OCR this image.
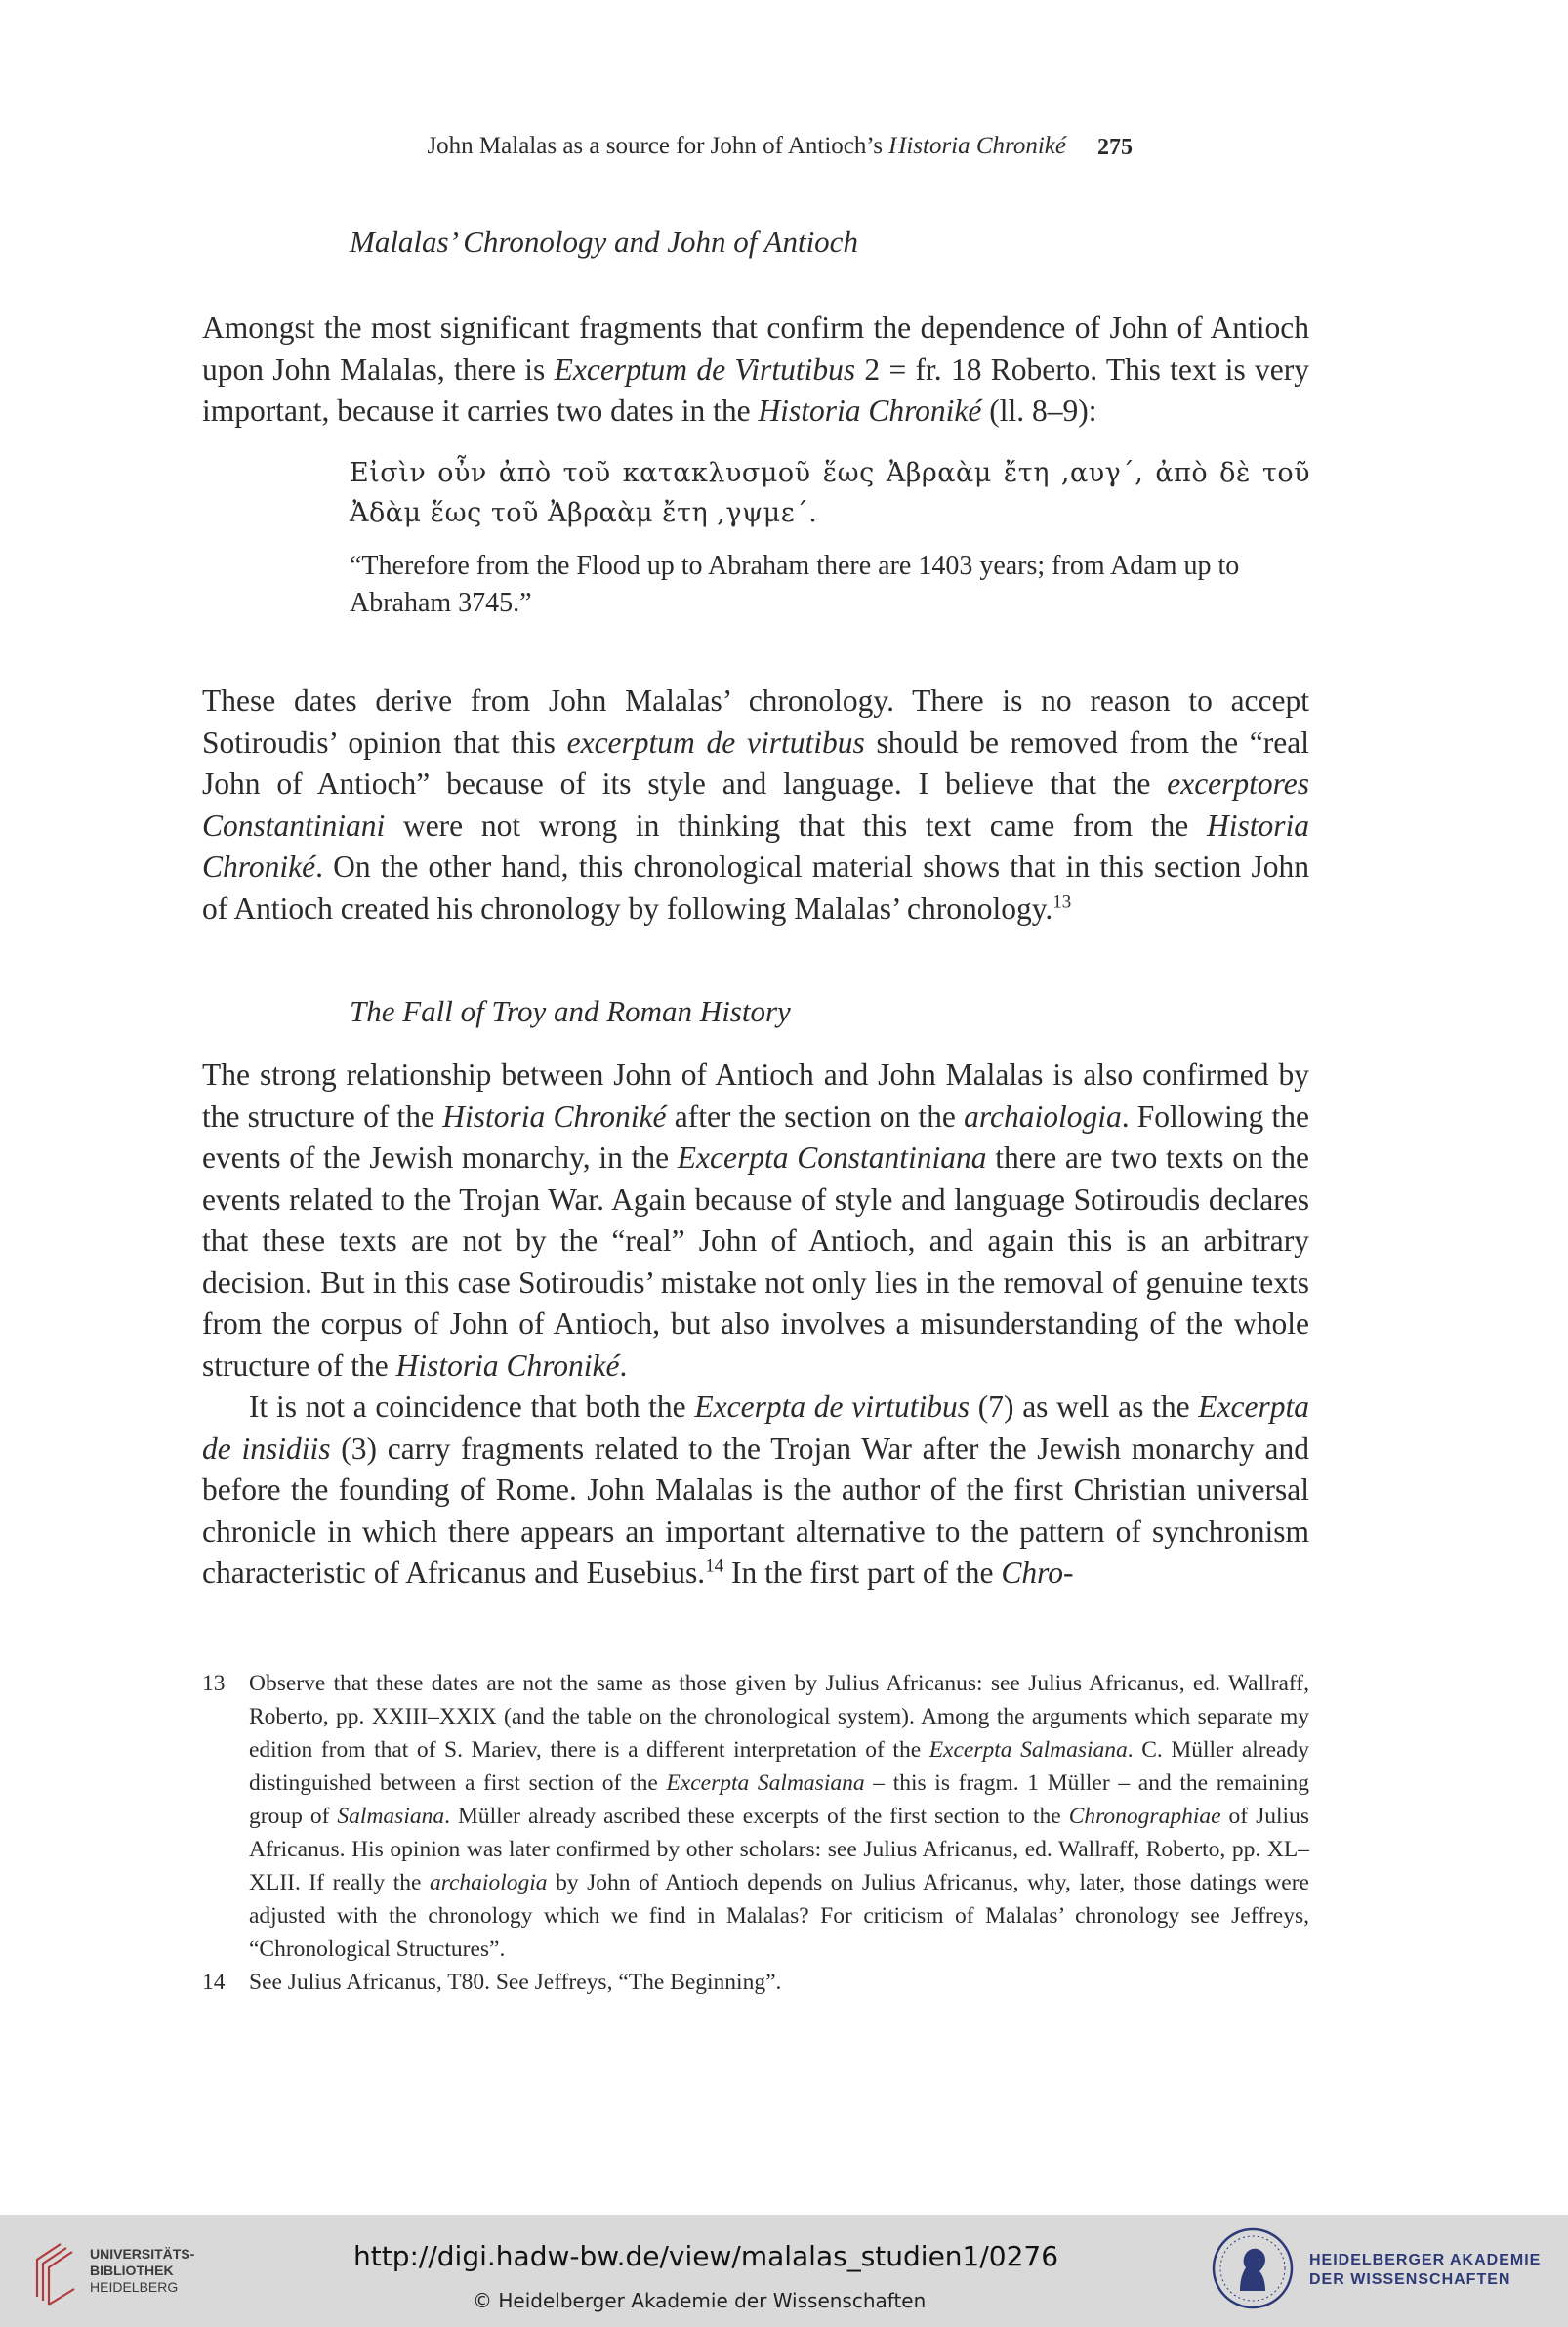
John Malalas as a source for John of Antioch’s Historia Chroniké 275
Malalas’ Chronology and John of Antioch

Amongst the most significant fragments that confirm the dependence of John of Antioch upon John Malalas, there is Excerptum de Virtutibus 2 = fr. 18 Roberto. This text is very important, because it carries two dates in the Historia Chroniké (ll. 8–9):

Εἰσὶν οὖν ἀπὸ τοῦ κατακλυσμοῦ ἕως Ἀβραὰμ ἔτη ,αυγ΄, ἀπὸ δὲ τοῦ Ἀδὰμ ἕως τοῦ Ἀβραὰμ ἔτη ,γψμε΄.
“Therefore from the Flood up to Abraham there are 1403 years; from Adam up to Abraham 3745.”

These dates derive from John Malalas’ chronology. There is no reason to accept Sotiroudis’ opinion that this excerptum de virtutibus should be removed from the “real John of Antioch” because of its style and language. I believe that the excerptores Constantiniani were not wrong in thinking that this text came from the Historia Chroniké. On the other hand, this chronological material shows that in this section John of Antioch created his chronology by following Malalas’ chronology.$^{13}$

The Fall of Troy and Roman History

The strong relationship between John of Antioch and John Malalas is also confirmed by the structure of the Historia Chroniké after the section on the archaiologia. Following the events of the Jewish monarchy, in the Excerpta Constantiniana there are two texts on the events related to the Trojan War. Again because of style and language Sotiroudis declares that these texts are not by the “real” John of Antioch, and again this is an arbitrary decision. But in this case Sotiroudis’ mistake not only lies in the removal of genuine texts from the corpus of John of Antioch, but also involves a misunderstanding of the whole structure of the Historia Chroniké.

It is not a coincidence that both the Excerpta de virtutibus (7) as well as the Excerpta de insidiis (3) carry fragments related to the Trojan War after the Jewish monarchy and before the founding of Rome. John Malalas is the author of the first Christian universal chronicle in which there appears an important alternative to the pattern of synchronism characteristic of Africanus and Eusebius.$^{14}$ In the first part of the Chro-

13 Observe that these dates are not the same as those given by Julius Africanus: see Julius Africanus, ed. Wallraff, Roberto, pp. XXIII–XXIX (and the table on the chronological system). Among the arguments which separate my edition from that of S. Mariev, there is a different interpretation of the Excerpta Salmasiana. C. Müller already distinguished between a first section of the Excerpta Salmasiana – this is fragm. 1 Müller – and the remaining group of Salmasiana. Müller already ascribed these excerpts of the first section to the Chronographiae of Julius Africanus. His opinion was later confirmed by other scholars: see Julius Africanus, ed. Wallraff, Roberto, pp. XL–XLII. If really the archaiologia by John of Antioch depends on Julius Africanus, why, later, those datings were adjusted with the chronology which we find in Malalas? For criticism of Malalas’ chronology see Jeffreys, “Chronological Structures”.
14 See Julius Africanus, T80. See Jeffreys, “The Beginning”.
UNIVERSITÄTS-
BIBLIOTHEK
HEIDELBERG
http://digi.hadw-bw.de/view/malalas_studien1/0276
© Heidelberger Akademie der Wissenschaften
HEIDELBERGER AKADEMIE
DER WISSENSCHAFTEN
